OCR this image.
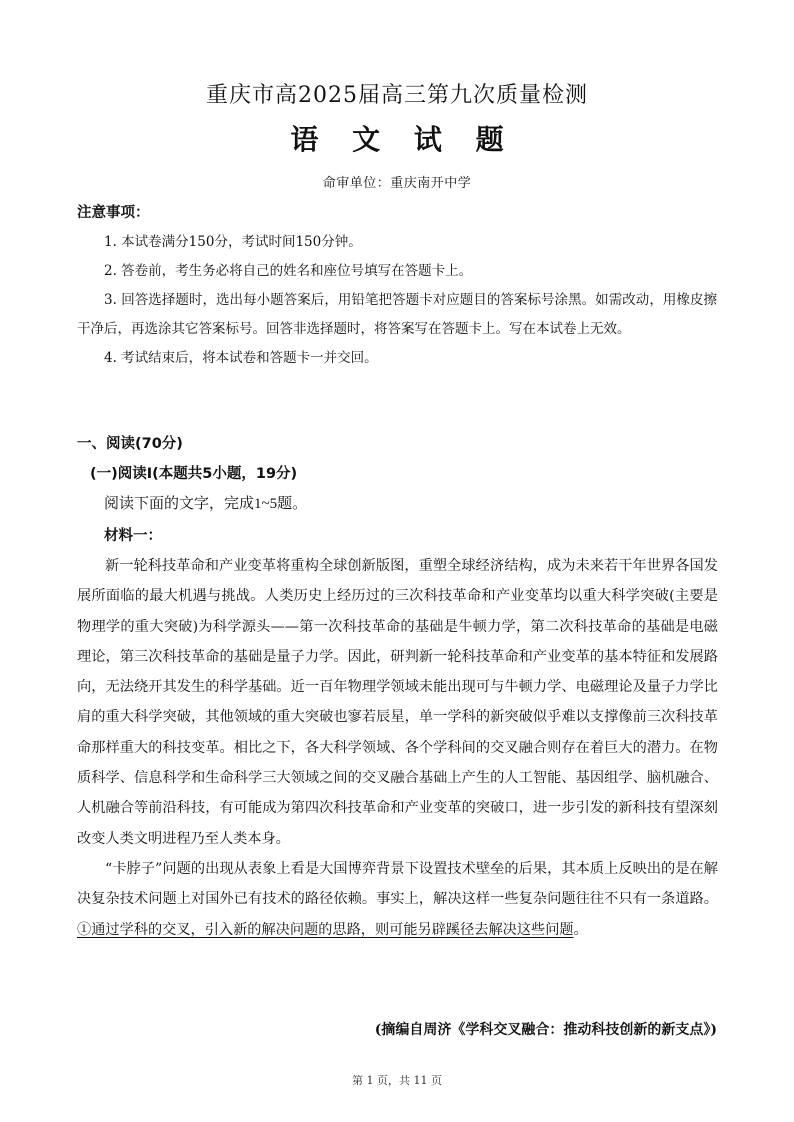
重庆市高2025届高三第九次质量检测
语 文 试 题
命审单位：重庆南开中学
注意事项：

1. 本试卷满分150分，考试时间150分钟。

2. 答卷前，考生务必将自己的姓名和座位号填写在答题卡上。

3. 回答选择题时，选出每小题答案后，用铅笔把答题卡对应题目的答案标号涂黑。如需改动，用橡皮擦干净后，再选涂其它答案标号。回答非选择题时，将答案写在答题卡上。写在本试卷上无效。

4. 考试结束后，将本试卷和答题卡一并交回。

一、阅读(70分)
(一)阅读Ⅰ(本题共5小题，19分)
阅读下面的文字，完成1~5题。
材料一：

新一轮科技革命和产业变革将重构全球创新版图，重塑全球经济结构，成为未来若干年世界各国发展所面临的最大机遇与挑战。人类历史上经历过的三次科技革命和产业变革均以重大科学突破(主要是物理学的重大突破)为科学源头——第一次科技革命的基础是牛顿力学，第二次科技革命的基础是电磁理论，第三次科技革命的基础是量子力学。因此，研判新一轮科技革命和产业变革的基本特征和发展路向，无法绕开其发生的科学基础。近一百年物理学领域未能出现可与牛顿力学、电磁理论及量子力学比肩的重大科学突破，其他领域的重大突破也寥若辰星，单一学科的新突破似乎难以支撑像前三次科技革命那样重大的科技变革。相比之下，各大科学领域、各个学科间的交叉融合则存在着巨大的潜力。在物质科学、信息科学和生命科学三大领域之间的交叉融合基础上产生的人工智能、基因组学、脑机融合、人机融合等前沿科技，有可能成为第四次科技革命和产业变革的突破口，进一步引发的新科技有望深刻改变人类文明进程乃至人类本身。

“卡脖子”问题的出现从表象上看是大国博弈背景下设置技术壁垒的后果，其本质上反映出的是在解决复杂技术问题上对国外已有技术的路径依赖。事实上，解决这样一些复杂问题往往不只有一条道路。①通过学科的交叉，引入新的解决问题的思路，则可能另辟蹊径去解决这些问题。

(摘编自周济《学科交叉融合：推动科技创新的新支点》)
第 1 页，共 11 页
